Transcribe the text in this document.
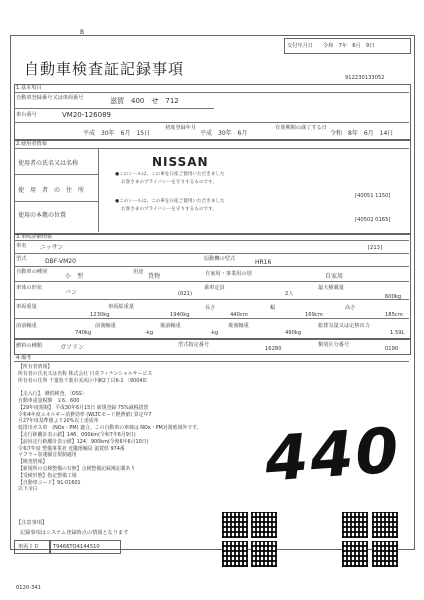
B
交付年月日 令和　7年　6月　9日
自動車検査証記録事項	912230133052
1.基本項目
自動車登録番号又は車両番号	滋賀　400　せ　712
車台番号	VM20-126089
初度登録年月	有効期間の満了する日
平成　30年　6月　15日	平成　30年　6月	令和　8年　6月　14日
2.使用者情報
使用者の氏名又は名称
使　用　者　の　住　所
使用の本拠の位置
NISSAN
●このシールは、この車を日産ご使用いただきました
お客さまのプライバシーを守りするものです。
●このシールは、この車を日産ご使用いただきました
お客さまのプライバシーを守りするものです。
[40051 1150]
[40502 0165]
3.車両詳細情報
車名 ニッサン	[213]
型式	DBF-VM20	原動機の型式	HR16
自動車の種別
小　型
用途
貨物	自家用・事業用の別	自家用
車体の形状
バン	(021)
乗車定員
2人
最大積載量
600kg
車両重量
1230kg
車両総重量
1940kg
長さ
440cm
幅
169cm
高さ
185cm
前前軸重
740kg
前後軸重
-kg
後前軸重
-kg
後後軸重
490kg
総排気量又は定格出力
1.59L
燃料の種類	ガソリン	型式指定番号
16280
類別区分番号
0190
4.備考
【所有者情報】
所有者の氏名又は名称 株式会社 日産フィナンシャルサービス
所有者の住所 千葉県千葉市美浜区中瀬2丁目6-1 〔90040〕
【走入行】，継続検査，〔OSS〕
自動車重量税額　￥6，600
【29年度規制】 平成30年6月15日 新規登録 75%減税措置
令和4年度エネルギー消費効率 (WLTCモード燃費値) 算定年7
月27年度基準値より20%以上達成率
低排出ガス車　(NOx・PM) 適合。この自動車の車検は NOx・PM対策地域外です。
【走行距離計表示値】146，000km(令和7年6月9日)
【前回走行距離計表示値】124，900km(令和6年6月10日)
令和7年度 整備事業者 近畿運輸局 滋賀県 974番
マフラー加速騒音規制適用
【検査情報】
【新規所の点検整備の有無】点検整備記録簿記載あり
【受検形態】指定整備工場
【自動車コード】91-01601
以下余白	440
【注意事項】
記録事項はシステム登録時点の情報となります
車両ＩＤ	T9466TQ4144510
0120-341
